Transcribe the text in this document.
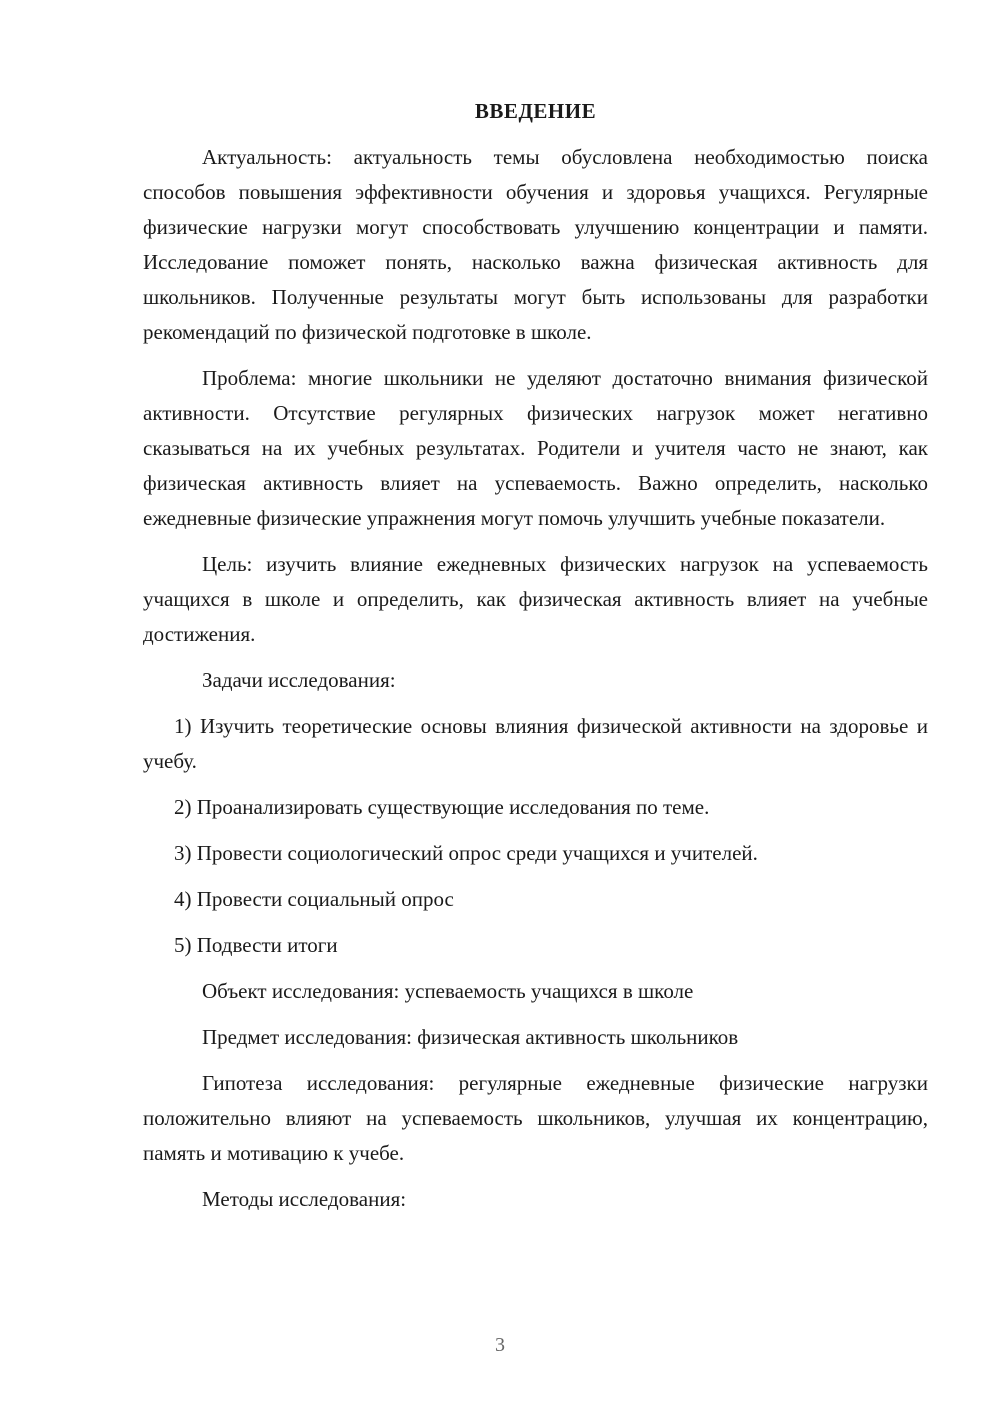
ВВЕДЕНИЕ
Актуальность: актуальность темы обусловлена необходимостью поиска способов повышения эффективности обучения и здоровья учащихся. Регулярные физические нагрузки могут способствовать улучшению концентрации и памяти. Исследование поможет понять, насколько важна физическая активность для школьников. Полученные результаты могут быть использованы для разработки рекомендаций по физической подготовке в школе.
Проблема: многие школьники не уделяют достаточно внимания физической активности. Отсутствие регулярных физических нагрузок может негативно сказываться на их учебных результатах. Родители и учителя часто не знают, как физическая активность влияет на успеваемость. Важно определить, насколько ежедневные физические упражнения могут помочь улучшить учебные показатели.
Цель: изучить влияние ежедневных физических нагрузок на успеваемость учащихся в школе и определить, как физическая активность влияет на учебные достижения.
Задачи исследования:
1) Изучить теоретические основы влияния физической активности на здоровье и учебу.
2) Проанализировать существующие исследования по теме.
3) Провести социологический опрос среди учащихся и учителей.
4) Провести социальный опрос
5) Подвести итоги
Объект исследования: успеваемость учащихся в школе
Предмет исследования: физическая активность школьников
Гипотеза исследования: регулярные ежедневные физические нагрузки положительно влияют на успеваемость школьников, улучшая их концентрацию, память и мотивацию к учебе.
Методы исследования:
3
